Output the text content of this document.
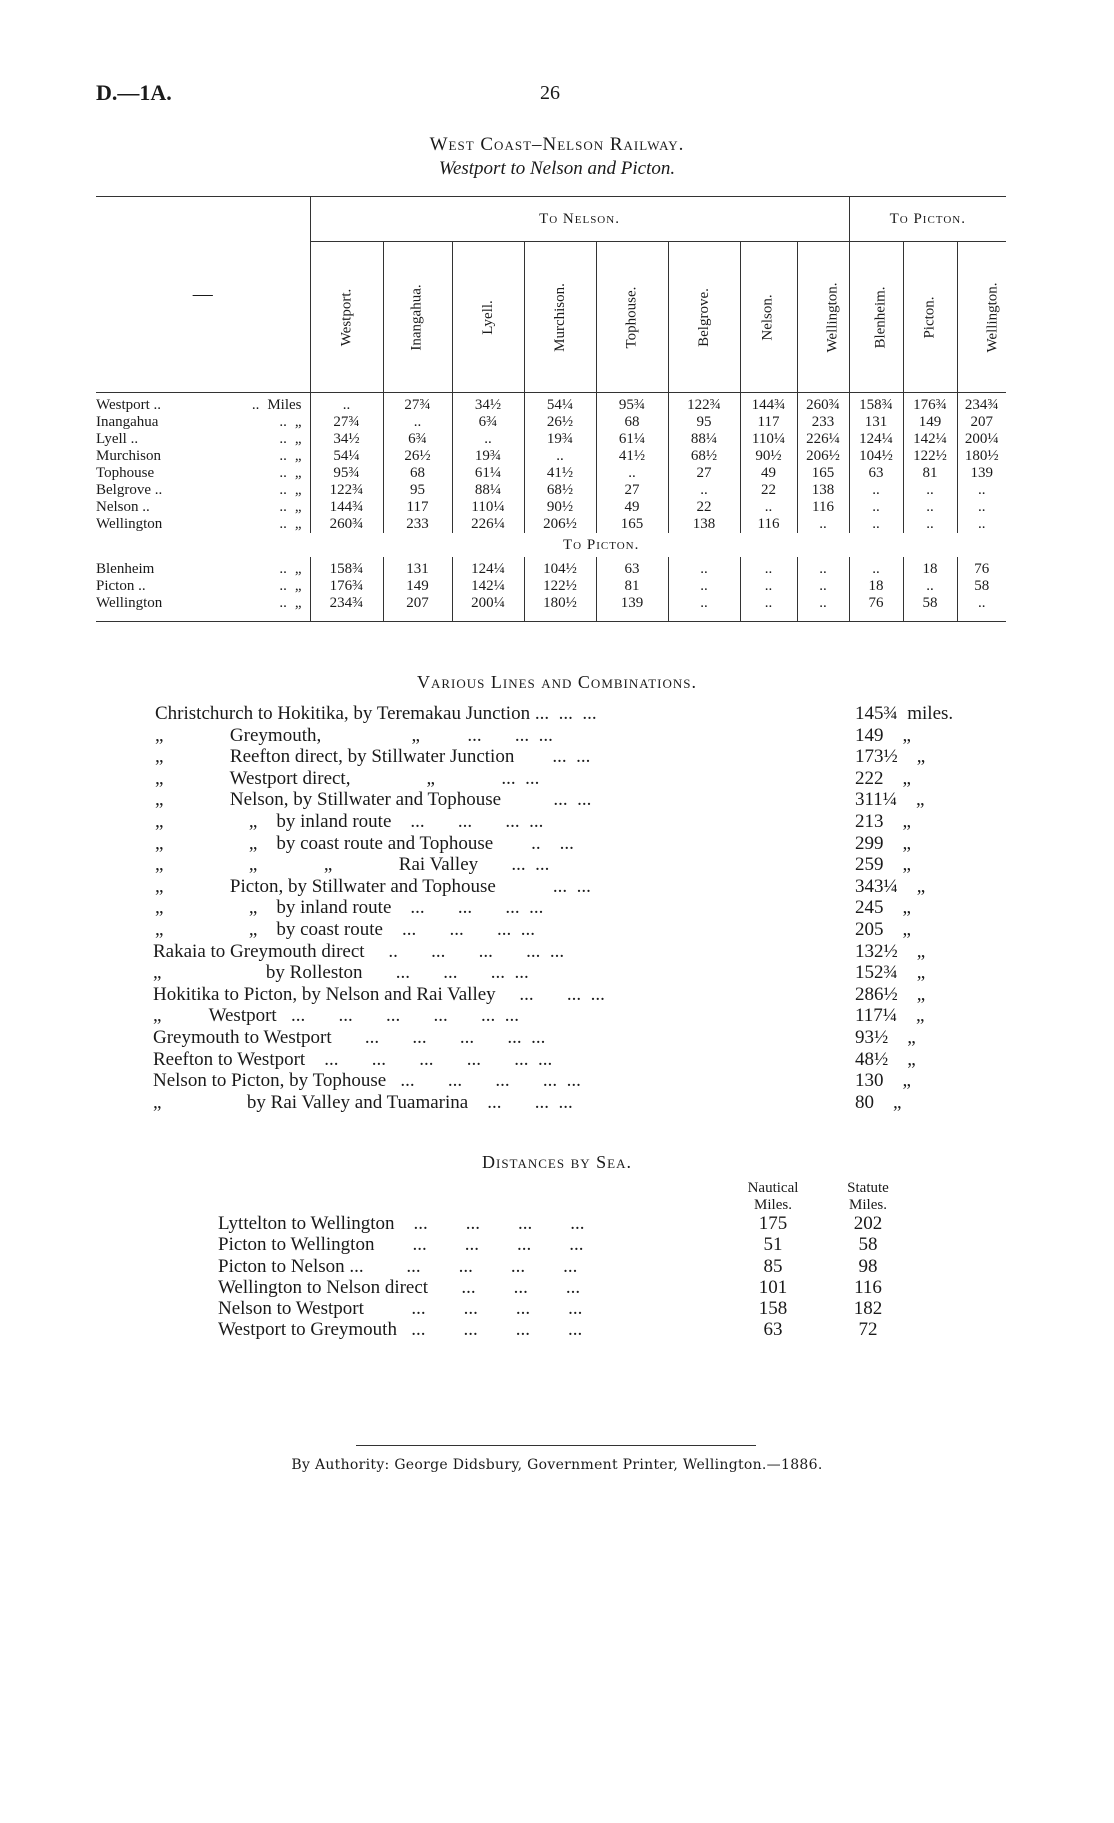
D.—1A.	26
West Coast–Nelson Railway.
Westport to Nelson and Picton.
—		To Nelson.								To Picton.		
		Westport.	Inangahua.	Lyell.	Murchison.	Tophouse.	Belgrove.	Nelson.	Wellington.	Blenheim.	Picton.	Wellington.
Westport ..	.. Miles	..	27¾	34½	54¼	95¾	122¾	144¾	260¾	158¾	176¾	234¾
Inangahua	.. „	27¾	..	6¾	26½	68	95	117	233	131	149	207
Lyell ..	.. „	34½	6¾	..	19¾	61¼	88¼	110¼	226¼	124¼	142¼	200¼
Murchison	.. „	54¼	26½	19¾	..	41½	68½	90½	206½	104½	122½	180½
Tophouse	.. „	95¾	68	61¼	41½	..	27	49	165	63	81	139
Belgrove ..	.. „	122¾	95	88¼	68½	27	..	22	138	..	..	..
Nelson ..	.. „	144¾	117	110¼	90½	49	22	..	116	..	..	..
Wellington	.. „	260¾	233	226¼	206½	165	138	116	..	..	..	..
		To Picton.										
Blenheim	.. „	158¾	131	124¼	104½	63	..	..	..	..	18	76
Picton ..	.. „	176¾	149	142¼	122½	81	..	..	..	18	..	58
Wellington	.. „	234¾	207	200¼	180½	139	..	..	..	76	58	..
Various Lines and Combinations.
Christchurch to Hokitika, by Teremakau Junction ...  ...  ...	145¾  miles.
„              Greymouth,                   „          ...       ...  ...	149    „
„              Reefton direct, by Stillwater Junction        ...  ...	173½    „
„              Westport direct,                „              ...  ...	222    „
„              Nelson, by Stillwater and Tophouse           ...  ...	311¼    „
„                  „    by inland route    ...       ...       ...  ...	213    „
„                  „    by coast route and Tophouse        ..    ...	299    „
„                  „              „              Rai Valley       ...  ...	259    „
„              Picton, by Stillwater and Tophouse            ...  ...	343¼    „
„                  „    by inland route    ...       ...       ...  ...	245    „
„                  „    by coast route    ...       ...       ...  ...	205    „
Rakaia to Greymouth direct     ..       ...       ...       ...  ...	132½    „
„                      by Rolleston       ...       ...       ...  ...	152¾    „
Hokitika to Picton, by Nelson and Rai Valley     ...       ...  ...	286½    „
„          Westport   ...       ...       ...       ...       ...  ...	117¼    „
Greymouth to Westport       ...       ...       ...       ...  ...	93½    „
Reefton to Westport    ...       ...       ...       ...       ...  ...	48½    „
Nelson to Picton, by Tophouse   ...       ...       ...       ...  ...	130    „
„                  by Rai Valley and Tuamarina    ...       ...  ...	80    „
Distances by Sea.
Nautical
Miles.
Statute
Miles.
Lyttelton to Wellington    ...        ...        ...        ...	175	202
Picton to Wellington        ...        ...        ...        ...	51	58
Picton to Nelson ...         ...        ...        ...        ...	85	98
Wellington to Nelson direct       ...        ...        ...	101	116
Nelson to Westport          ...        ...        ...        ...	158	182
Westport to Greymouth   ...        ...        ...        ...	63	72
By Authority: George Didsbury, Government Printer, Wellington.—1886.
